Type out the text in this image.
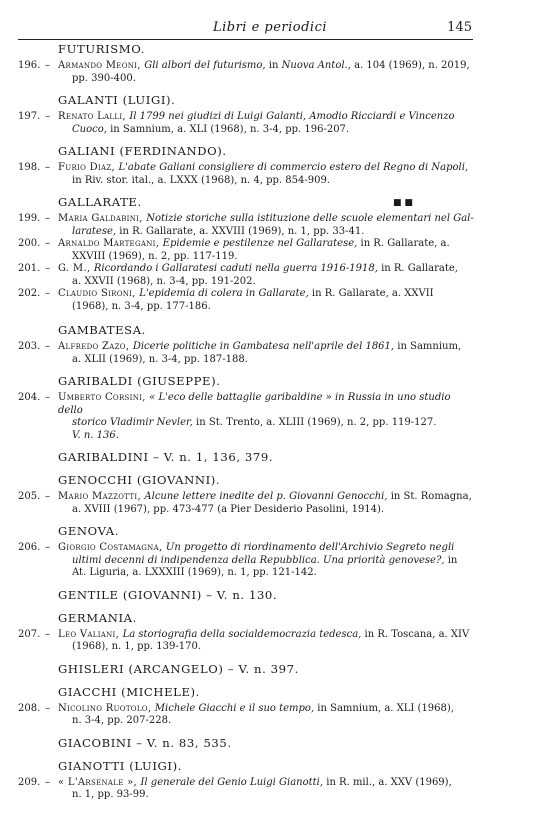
Libri e periodici	145
FUTURISMO.
196. – Armando Meoni, Gli albori del futurismo, in Nuova Antol., a. 104 (1969), n. 2019,
pp. 390-400.
GALANTI (LUIGI).
197. – Renato Lalli, Il 1799 nei giudizi di Luigi Galanti, Amodio Ricciardi e Vincenzo
Cuoco, in Samnium, a. XLI (1968), n. 3-4, pp. 196-207.
GALIANI (FERDINANDO).
198. – Furio Diaz, L'abate Galiani consigliere di commercio estero del Regno di Napoli,
in Riv. stor. ital., a. LXXX (1968), n. 4, pp. 854-909.
GALLARATE.	■ ■
199. – Maria Galdabini, Notizie storiche sulla istituzione delle scuole elementari nel Gal-
laratese, in R. Gallarate, a. XXVIII (1969), n. 1, pp. 33-41.
200. – Arnaldo Martegani, Epidemie e pestilenze nel Gallaratese, in R. Gallarate, a.
XXVIII (1969), n. 2, pp. 117-119.
201. – G. M., Ricordando i Gallaratesi caduti nella guerra 1916-1918, in R. Gallarate,
a. XXVII (1968), n. 3-4, pp. 191-202.
202. – Claudio Sironi, L'epidemia di colera in Gallarate, in R. Gallarate, a. XXVII
(1968), n. 3-4, pp. 177-186.
GAMBATESA.
203. – Alfredo Zazo, Dicerie politiche in Gambatesa nell'aprile del 1861, in Samnium,
a. XLII (1969), n. 3-4, pp. 187-188.
GARIBALDI (GIUSEPPE).
204. – Umberto Corsini, « L'eco delle battaglie garibaldine » in Russia in uno studio dello
storico Vladimir Nevler, in St. Trento, a. XLIII (1969), n. 2, pp. 119-127.
V. n. 136.
GARIBALDINI – V. n. 1, 136, 379.
GENOCCHI (GIOVANNI).
205. – Mario Mazzotti, Alcune lettere inedite del p. Giovanni Genocchi, in St. Romagna,
a. XVIII (1967), pp. 473-477 (a Pier Desiderio Pasolini, 1914).
GENOVA.
206. – Giorgio Costamagna, Un progetto di riordinamento dell'Archivio Segreto negli
ultimi decenni di indipendenza della Repubblica. Una priorità genovese?, in
At. Liguria, a. LXXXIII (1969), n. 1, pp. 121-142.
GENTILE (GIOVANNI) – V. n. 130.
GERMANIA.
207. – Leo Valiani, La storiografia della socialdemocrazia tedesca, in R. Toscana, a. XIV
(1968), n. 1, pp. 139-170.
GHISLERI (ARCANGELO) – V. n. 397.
GIACCHI (MICHELE).
208. – Nicolino Ruotolo, Michele Giacchi e il suo tempo, in Samnium, a. XLI (1968),
n. 3-4, pp. 207-228.
GIACOBINI – V. n. 83, 535.
GIANOTTI (LUIGI).
209. – « L'Arsenale », Il generale del Genio Luigi Gianotti, in R. mil., a. XXV (1969),
n. 1, pp. 93-99.
